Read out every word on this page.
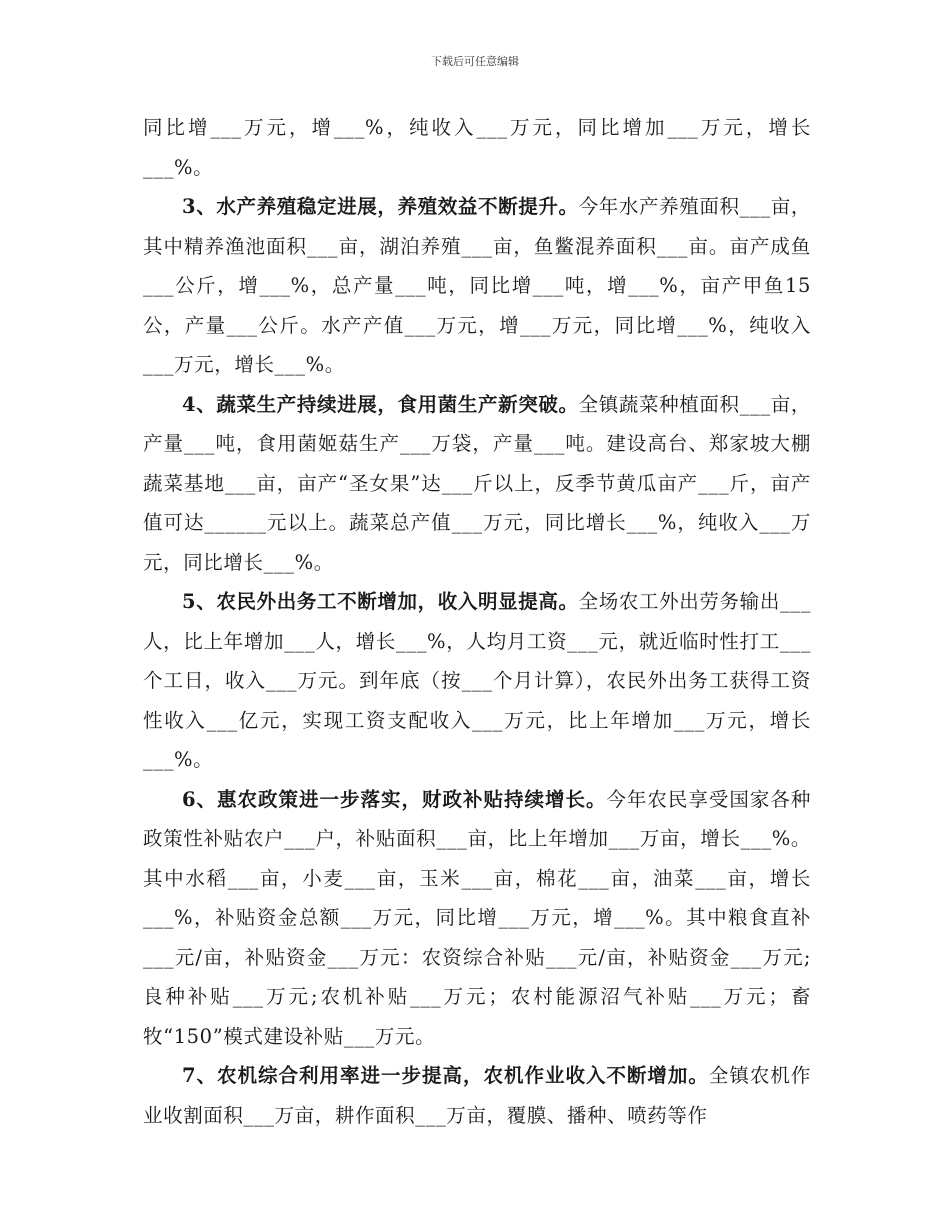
下载后可任意编辑

同比增___万元，增___%，纯收入___万元，同比增加___万元，增长___%。

3、水产养殖稳定进展，养殖效益不断提升。今年水产养殖面积___亩，其中精养渔池面积___亩，湖泊养殖___亩，鱼鳖混养面积___亩。亩产成鱼___公斤，增___%，总产量___吨，同比增___吨，增___%，亩产甲鱼15公，产量___公斤。水产产值___万元，增___万元，同比增___%，纯收入___万元，增长___%。

4、蔬菜生产持续进展，食用菌生产新突破。全镇蔬菜种植面积___亩，产量___吨，食用菌姬菇生产___万袋，产量___吨。建设高台、郑家坡大棚蔬菜基地___亩，亩产“圣女果”达___斤以上，反季节黄瓜亩产___斤，亩产值可达______元以上。蔬菜总产值___万元，同比增长___%，纯收入___万元，同比增长___%。

5、农民外出务工不断增加，收入明显提高。全场农工外出劳务输出___人，比上年增加___人，增长___%，人均月工资___元，就近临时性打工___个工日，收入___万元。到年底（按___个月计算），农民外出务工获得工资性收入___亿元，实现工资支配收入___万元，比上年增加___万元，增长___%。

6、惠农政策进一步落实，财政补贴持续增长。今年农民享受国家各种政策性补贴农户___户，补贴面积___亩，比上年增加___万亩，增长___%。其中水稻___亩，小麦___亩，玉米___亩，棉花___亩，油菜___亩，增长___%，补贴资金总额___万元，同比增___万元，增___%。其中粮食直补___元/亩，补贴资金___万元：农资综合补贴___元/亩，补贴资金___万元;良种补贴___万元;农机补贴___万元；农村能源沼气补贴___万元；畜牧“150”模式建设补贴___万元。

7、农机综合利用率进一步提高，农机作业收入不断增加。全镇农机作业收割面积___万亩，耕作面积___万亩，覆膜、播种、喷药等作
